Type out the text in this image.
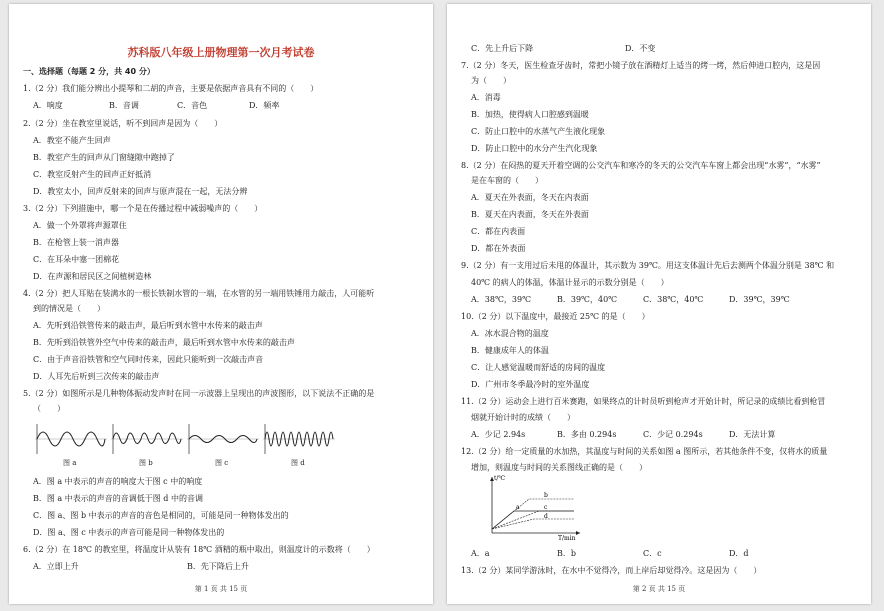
苏科版八年级上册物理第一次月考试卷
一、选择题（每题 2 分，共 40 分）
1.（2 分）我们能分辨出小提琴和二胡的声音，主要是依据声音具有不同的（　　）
A．响度	B．音调	C．音色	D．频率
2.（2 分）坐在教室里说话，听不到回声是因为（　　）
A．教室不能产生回声
B．教室产生的回声从门窗缝隙中跑掉了
C．教室反射产生的回声正好抵消
D．教室太小，回声反射来的回声与原声混在一起，无法分辨
3.（2 分）下列措施中，哪一个是在传播过程中减弱噪声的（　　）
A．做一个外罩将声源罩住
B．在枪管上装一消声器
C．在耳朵中塞一团棉花
D．在声源和居民区之间植树造林
4.（2 分）把人耳贴在装满水的一根长铁制水管的一端，在水管的另一端用铁锤用力敲击，人可能听
到的情况是（　　）
A．先听到沿铁管传来的敲击声，最后听到水管中水传来的敲击声
B．先听到沿铁管外空气中传来的敲击声，最后听到水管中水传来的敲击声
C．由于声音沿铁管和空气同时传来，因此只能听到一次敲击声音
D．人耳先后听到三次传来的敲击声
5.（2 分）如图所示是几种物体振动发声时在同一示波器上呈现出的声波图形，以下说法不正确的是
（　　）
图 a	图 b	图 c	图 d
A．图 a 中表示的声音的响度大于图 c 中的响度
B．图 a 中表示的声音的音调低于图 d 中的音调
C．图 a、图 b 中表示的声音的音色是相同的，可能是同一种物体发出的
D．图 a、图 c 中表示的声音可能是同一种物体发出的
6.（2 分）在 18℃ 的教室里，将温度计从装有 18℃ 酒精的瓶中取出，则温度计的示数将（　　）
A．立即上升	B．先下降后上升
第 1 页 共 15 页
C．先上升后下降	D．不变
7.（2 分）冬天，医生检查牙齿时，常把小镜子放在酒精灯上适当的烤一烤，然后伸进口腔内，这是因
为（　　）
A．消毒
B．加热，使得病人口腔感到温暖
C．防止口腔中的水蒸气产生液化现象
D．防止口腔中的水分产生汽化现象
8.（2 分）在闷热的夏天开着空调的公交汽车和寒冷的冬天的公交汽车车窗上都会出现“水雾”，“水雾”
是在车窗的（　　）
A．夏天在外表面，冬天在内表面
B．夏天在内表面，冬天在外表面
C．都在内表面
D．都在外表面
9.（2 分）有一支用过后未甩的体温计，其示数为 39℃。用这支体温计先后去测两个体温分别是 38℃ 和
40℃ 的病人的体温，体温计显示的示数分别是（　　）
A．38℃，39℃	B．39℃，40℃	C．38℃，40℃	D．39℃，39℃
10.（2 分）以下温度中，最接近 25℃ 的是（　　）
A．冰水混合物的温度
B．健康成年人的体温
C．让人感觉温暖而舒适的房间的温度
D．广州市冬季最冷时的室外温度
11.（2 分）运动会上进行百米赛跑，如果终点的计时员听到枪声才开始计时，所记录的成绩比看到枪冒
烟就开始计时的成绩（　　）
A．少记 2.94s	B．多由 0.294s	C．少记 0.294s	D．无法计算
12.（2 分）给一定质量的水加热，其温度与时间的关系如图 a 图所示，若其他条件不变，仅将水的质量
增加，则温度与时间的关系图线正确的是（　　）
t/℃
T/min
a
b
c
d
A．a	B．b	C．c	D．d
13.（2 分）某同学游泳时，在水中不觉得冷，而上岸后却觉得冷。这是因为（　　）
第 2 页 共 15 页
